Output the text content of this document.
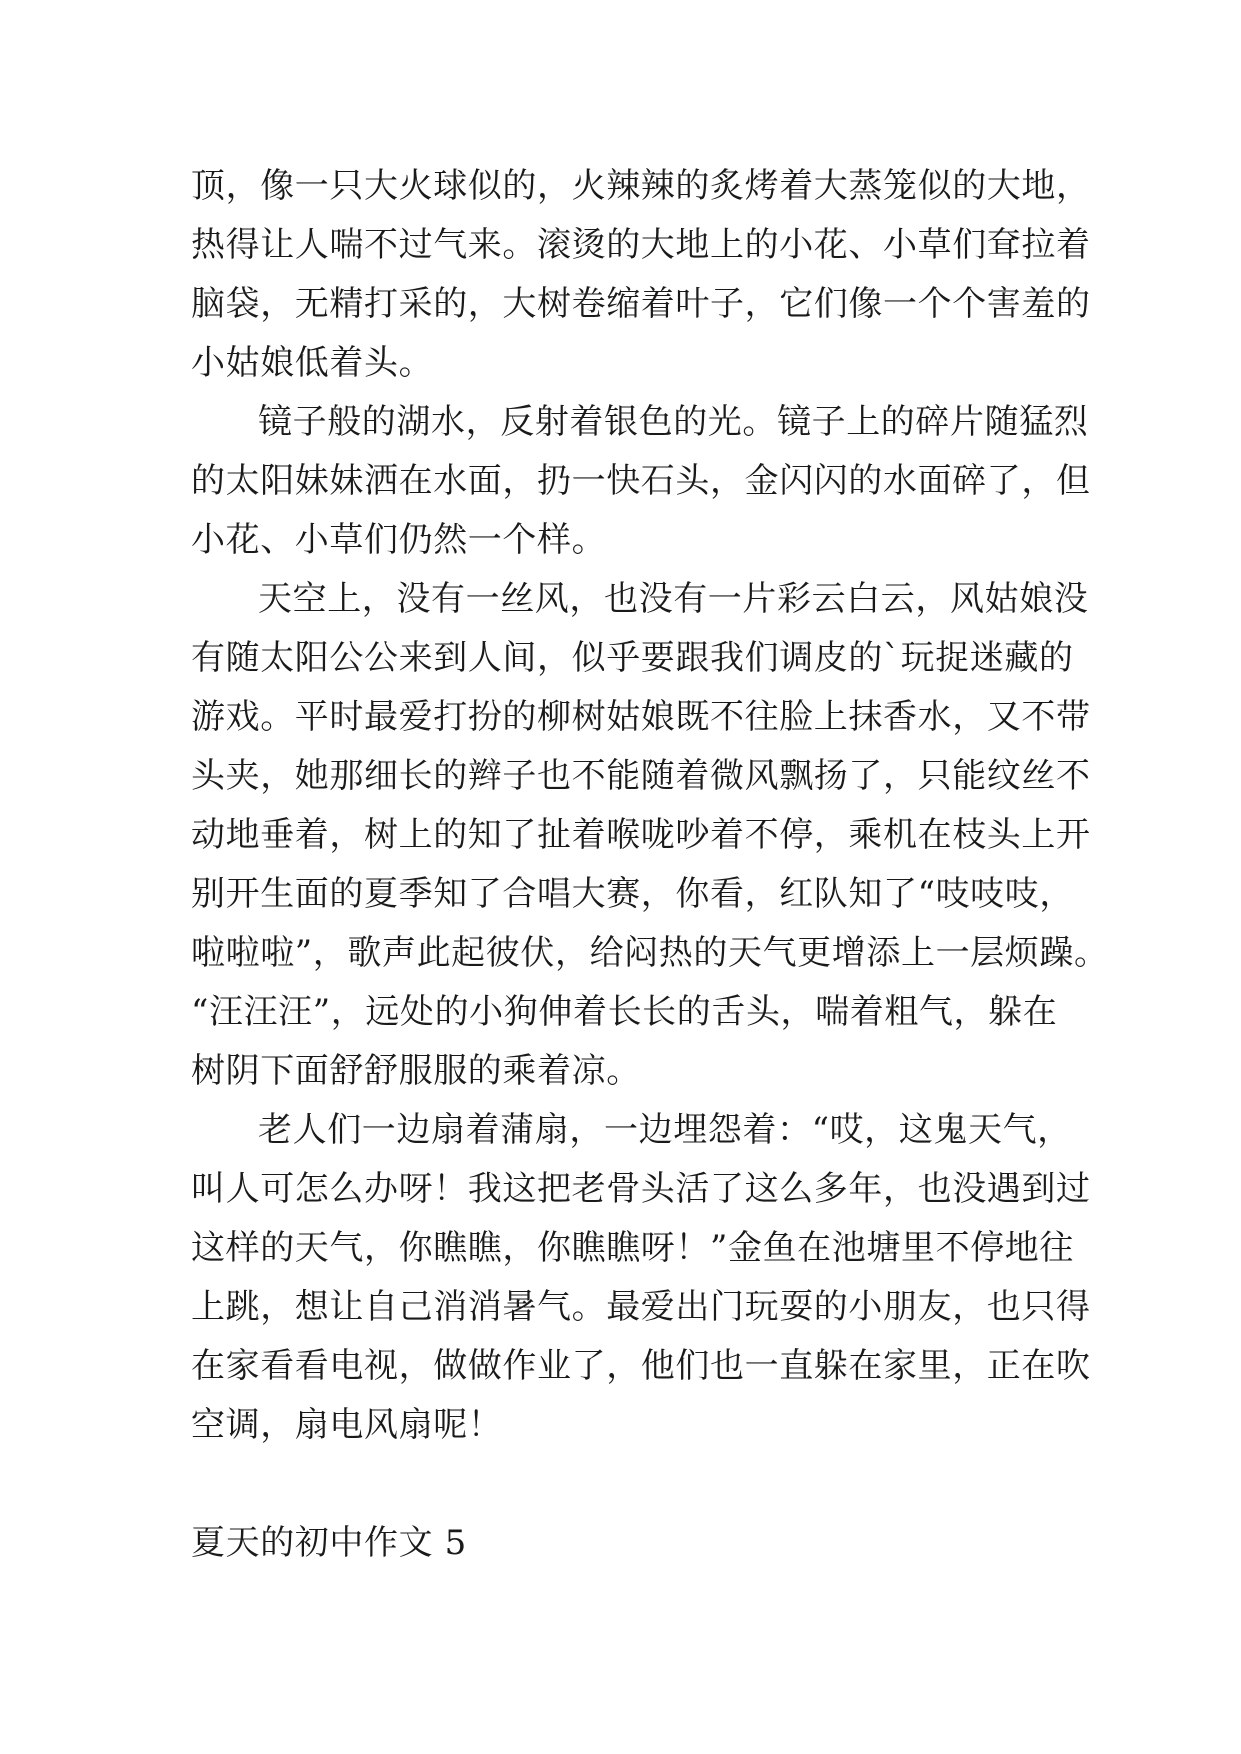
顶，像一只大火球似的，火辣辣的炙烤着大蒸笼似的大地，
热得让人喘不过气来。滚烫的大地上的小花、小草们耷拉着
脑袋，无精打采的，大树卷缩着叶子，它们像一个个害羞的
小姑娘低着头。
镜子般的湖水，反射着银色的光。镜子上的碎片随猛烈
的太阳妹妹洒在水面，扔一快石头，金闪闪的水面碎了，但
小花、小草们仍然一个样。
天空上，没有一丝风，也没有一片彩云白云，风姑娘没
有随太阳公公来到人间，似乎要跟我们调皮的`玩捉迷藏的
游戏。平时最爱打扮的柳树姑娘既不往脸上抹香水，又不带
头夹，她那细长的辫子也不能随着微风飘扬了，只能纹丝不
动地垂着，树上的知了扯着喉咙吵着不停，乘机在枝头上开
别开生面的夏季知了合唱大赛，你看，红队知了“吱吱吱，
啦啦啦”，歌声此起彼伏，给闷热的天气更增添上一层烦躁。
“汪汪汪”，远处的小狗伸着长长的舌头，喘着粗气，躲在
树阴下面舒舒服服的乘着凉。
老人们一边扇着蒲扇，一边埋怨着：“哎，这鬼天气，
叫人可怎么办呀！我这把老骨头活了这么多年，也没遇到过
这样的天气，你瞧瞧，你瞧瞧呀！”金鱼在池塘里不停地往
上跳，想让自己消消暑气。最爱出门玩耍的小朋友，也只得
在家看看电视，做做作业了，他们也一直躲在家里，正在吹
空调，扇电风扇呢！
夏天的初中作文 5
